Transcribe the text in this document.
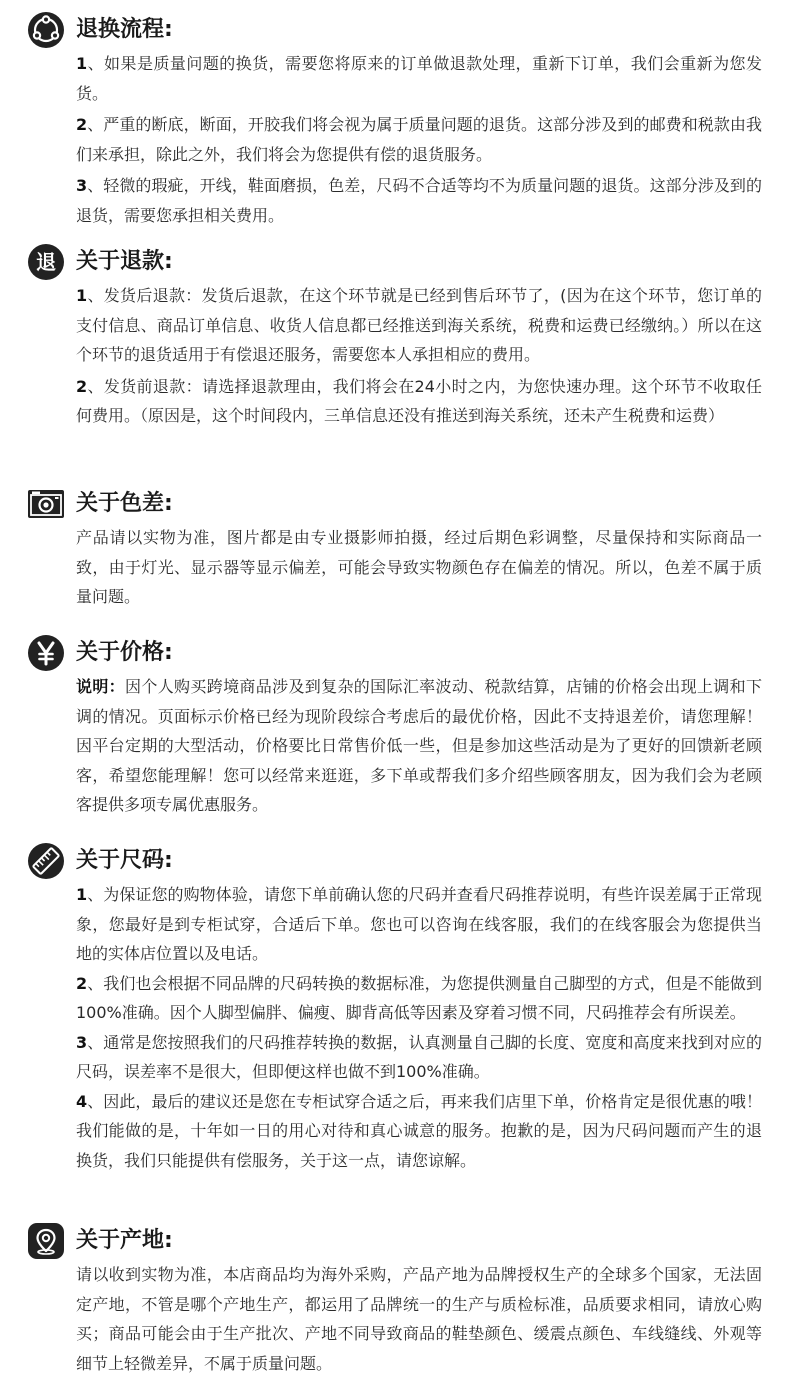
退换流程:

1、如果是质量问题的换货，需要您将原来的订单做退款处理，重新下订单，我们会重新为您发货。

2、严重的断底，断面，开胶我们将会视为属于质量问题的退货。这部分涉及到的邮费和税款由我们来承担，除此之外，我们将会为您提供有偿的退货服务。

3、轻微的瑕疵，开线，鞋面磨损，色差，尺码不合适等均不为质量问题的退货。这部分涉及到的退货，需要您承担相关费用。

退 关于退款:

1、发货后退款：发货后退款，在这个环节就是已经到售后环节了，(因为在这个环节，您订单的支付信息、商品订单信息、收货人信息都已经推送到海关系统，税费和运费已经缴纳。）所以在这个环节的退货适用于有偿退还服务，需要您本人承担相应的费用。

2、发货前退款：请选择退款理由，我们将会在24小时之内，为您快速办理。这个环节不收取任何费用。（原因是，这个时间段内，三单信息还没有推送到海关系统，还未产生税费和运费）

关于色差:

产品请以实物为准，图片都是由专业摄影师拍摄，经过后期色彩调整，尽量保持和实际商品一致，由于灯光、显示器等显示偏差，可能会导致实物颜色存在偏差的情况。所以，色差不属于质量问题。

关于价格:

说明：因个人购买跨境商品涉及到复杂的国际汇率波动、税款结算，店铺的价格会出现上调和下调的情况。页面标示价格已经为现阶段综合考虑后的最优价格，因此不支持退差价，请您理解！因平台定期的大型活动，价格要比日常售价低一些，但是参加这些活动是为了更好的回馈新老顾客，希望您能理解！您可以经常来逛逛，多下单或帮我们多介绍些顾客朋友，因为我们会为老顾客提供多项专属优惠服务。

关于尺码:

1、为保证您的购物体验，请您下单前确认您的尺码并查看尺码推荐说明，有些许误差属于正常现象，您最好是到专柜试穿，合适后下单。您也可以咨询在线客服，我们的在线客服会为您提供当地的实体店位置以及电话。

2、我们也会根据不同品牌的尺码转换的数据标准，为您提供测量自己脚型的方式，但是不能做到100%准确。因个人脚型偏胖、偏瘦、脚背高低等因素及穿着习惯不同，尺码推荐会有所误差。

3、通常是您按照我们的尺码推荐转换的数据，认真测量自己脚的长度、宽度和高度来找到对应的尺码，误差率不是很大，但即便这样也做不到100%准确。

4、因此，最后的建议还是您在专柜试穿合适之后，再来我们店里下单，价格肯定是很优惠的哦！我们能做的是，十年如一日的用心对待和真心诚意的服务。抱歉的是，因为尺码问题而产生的退换货，我们只能提供有偿服务，关于这一点，请您谅解。

关于产地:

请以收到实物为准，本店商品均为海外采购，产品产地为品牌授权生产的全球多个国家，无法固定产地，不管是哪个产地生产，都运用了品牌统一的生产与质检标准，品质要求相同，请放心购买；商品可能会由于生产批次、产地不同导致商品的鞋垫颜色、缓震点颜色、车线缝线、外观等细节上轻微差异，不属于质量问题。
